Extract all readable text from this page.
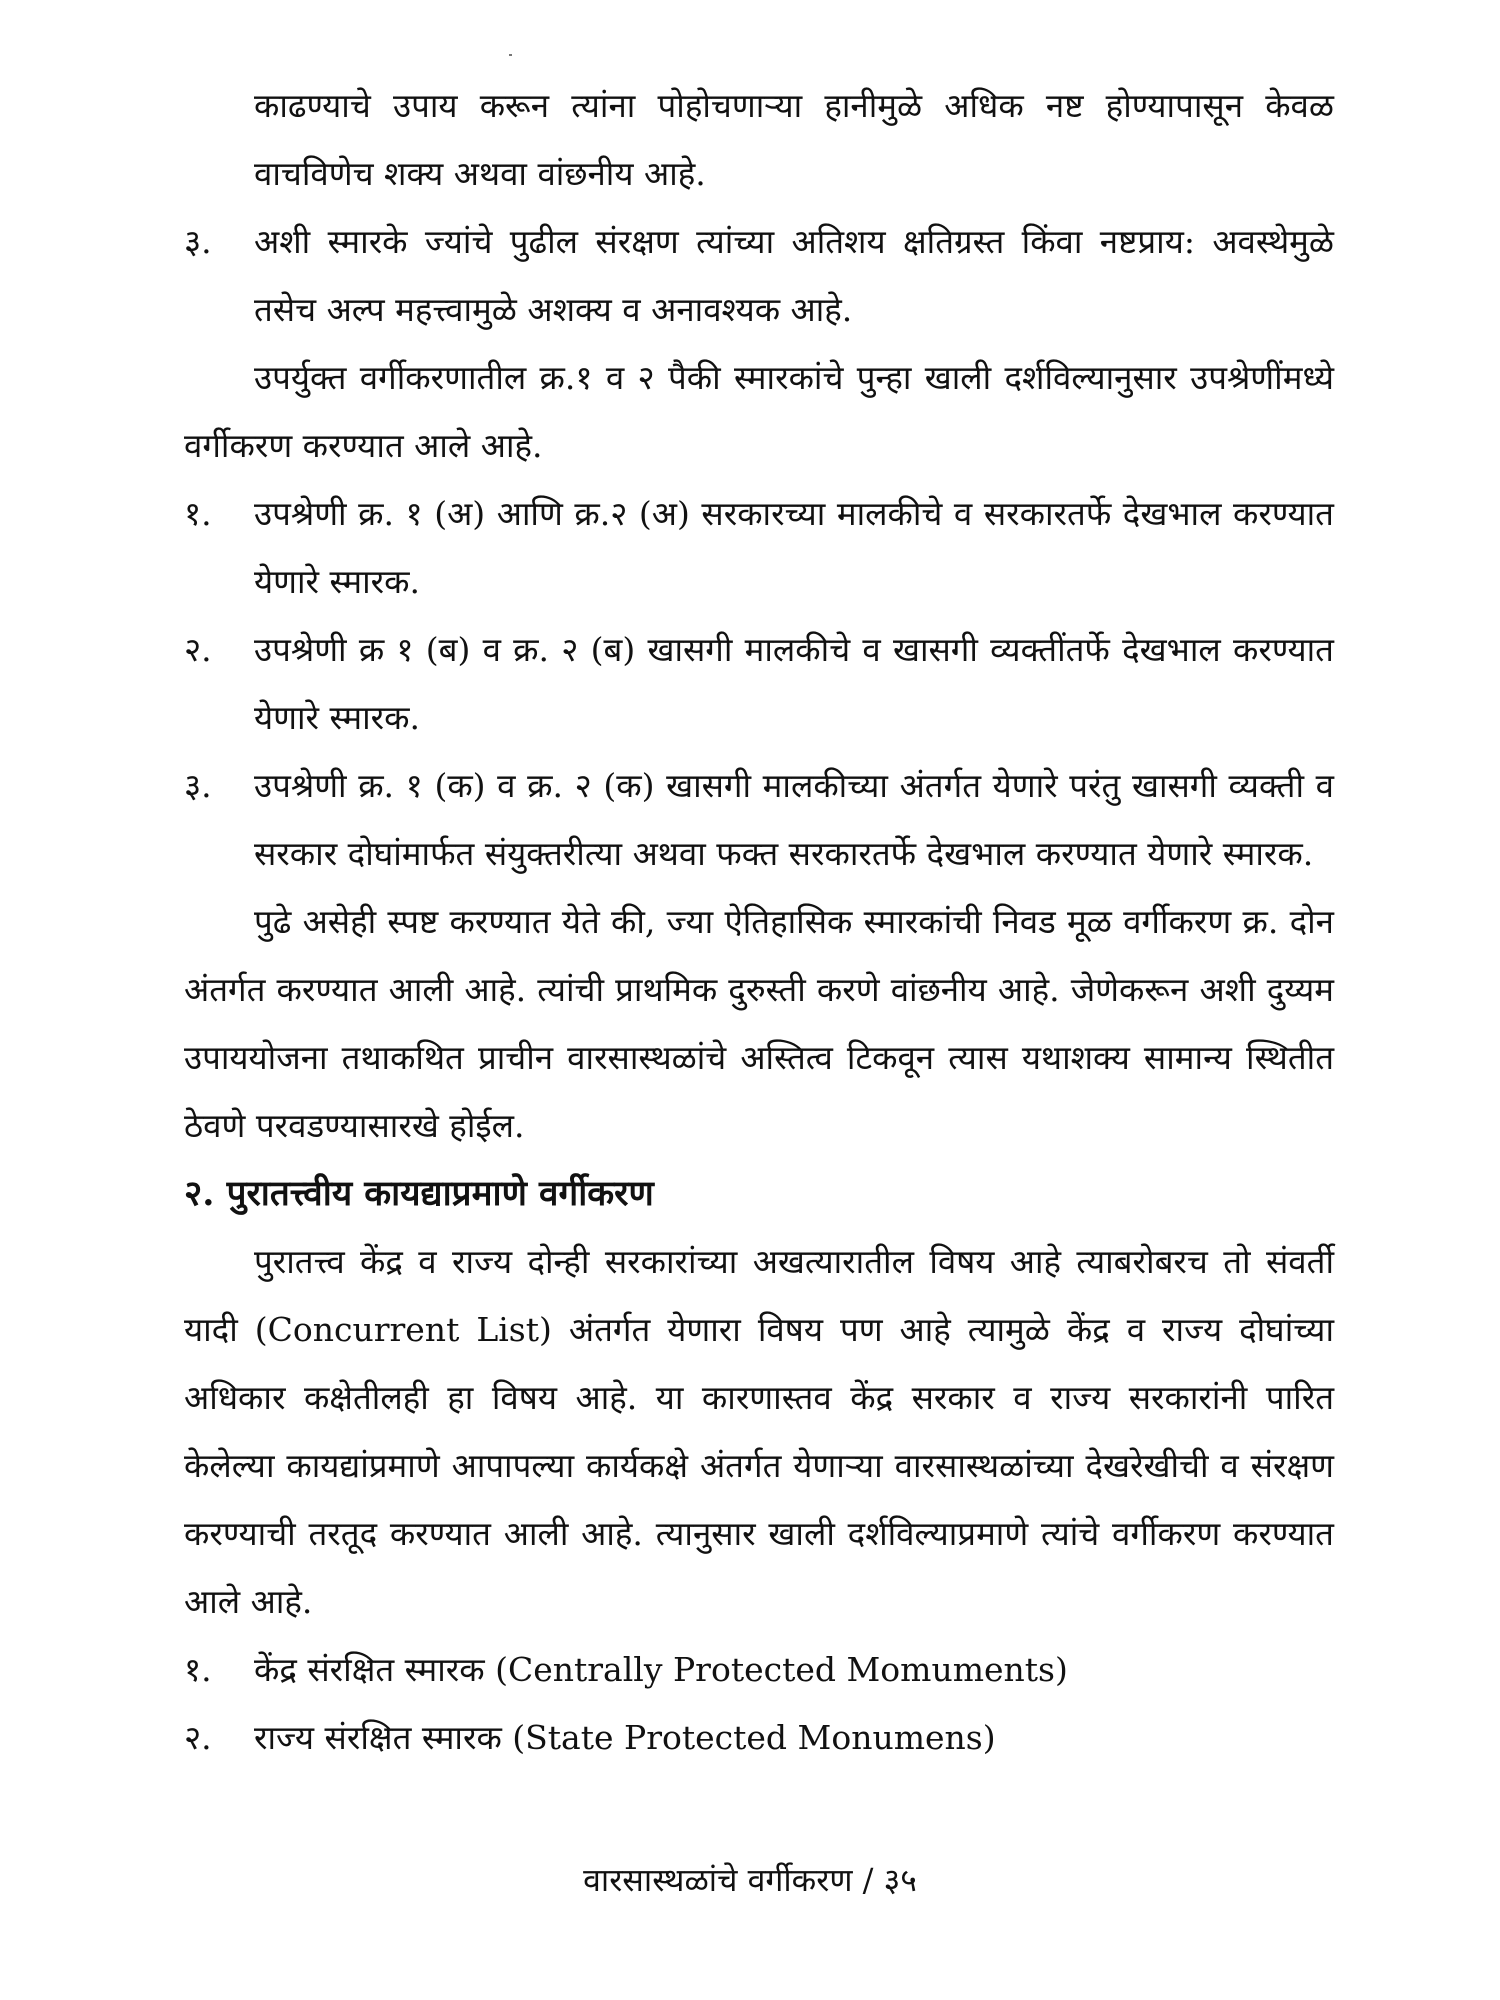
काढण्याचे उपाय करून त्यांना पोहोचणाऱ्या हानीमुळे अधिक नष्ट होण्यापासून केवळ वाचविणेच शक्य अथवा वांछनीय आहे.

३.	अशी स्मारके ज्यांचे पुढील संरक्षण त्यांच्या अतिशय क्षतिग्रस्त किंवा नष्टप्राय: अवस्थेमुळे तसेच अल्प महत्त्वामुळे अशक्य व अनावश्यक आहे.

उपर्युक्त वर्गीकरणातील क्र.१ व २ पैकी स्मारकांचे पुन्हा खाली दर्शविल्यानुसार उपश्रेणींमध्ये वर्गीकरण करण्यात आले आहे.

१.	उपश्रेणी क्र. १ (अ) आणि क्र.२ (अ) सरकारच्या मालकीचे व सरकारतर्फे देखभाल करण्यात येणारे स्मारक.
२.	उपश्रेणी क्र १ (ब) व क्र. २ (ब) खासगी मालकीचे व खासगी व्यक्तींतर्फे देखभाल करण्यात येणारे स्मारक.
३.	उपश्रेणी क्र. १ (क) व क्र. २ (क) खासगी मालकीच्या अंतर्गत येणारे परंतु खासगी व्यक्ती व सरकार दोघांमार्फत संयुक्तरीत्या अथवा फक्त सरकारतर्फे देखभाल करण्यात येणारे स्मारक.

पुढे असेही स्पष्ट करण्यात येते की, ज्या ऐतिहासिक स्मारकांची निवड मूळ वर्गीकरण क्र. दोन अंतर्गत करण्यात आली आहे. त्यांची प्राथमिक दुरुस्ती करणे वांछनीय आहे. जेणेकरून अशी दुय्यम उपाययोजना तथाकथित प्राचीन वारसास्थळांचे अस्तित्व टिकवून त्यास यथाशक्य सामान्य स्थितीत ठेवणे परवडण्यासारखे होईल.

२. पुरातत्त्वीय कायद्याप्रमाणे वर्गीकरण

पुरातत्त्व केंद्र व राज्य दोन्ही सरकारांच्या अखत्यारातील विषय आहे त्याबरोबरच तो संवर्ती यादी (Concurrent List) अंतर्गत येणारा विषय पण आहे त्यामुळे केंद्र व राज्य दोघांच्या अधिकार कक्षेतीलही हा विषय आहे. या कारणास्तव केंद्र सरकार व राज्य सरकारांनी पारित केलेल्या कायद्यांप्रमाणे आपापल्या कार्यकक्षे अंतर्गत येणाऱ्या वारसास्थळांच्या देखरेखीची व संरक्षण करण्याची तरतूद करण्यात आली आहे. त्यानुसार खाली दर्शविल्याप्रमाणे त्यांचे वर्गीकरण करण्यात आले आहे.

१.	केंद्र संरक्षित स्मारक (Centrally Protected Momuments)
२.	राज्य संरक्षित स्मारक (State Protected Monumens)
वारसास्थळांचे वर्गीकरण / ३५
